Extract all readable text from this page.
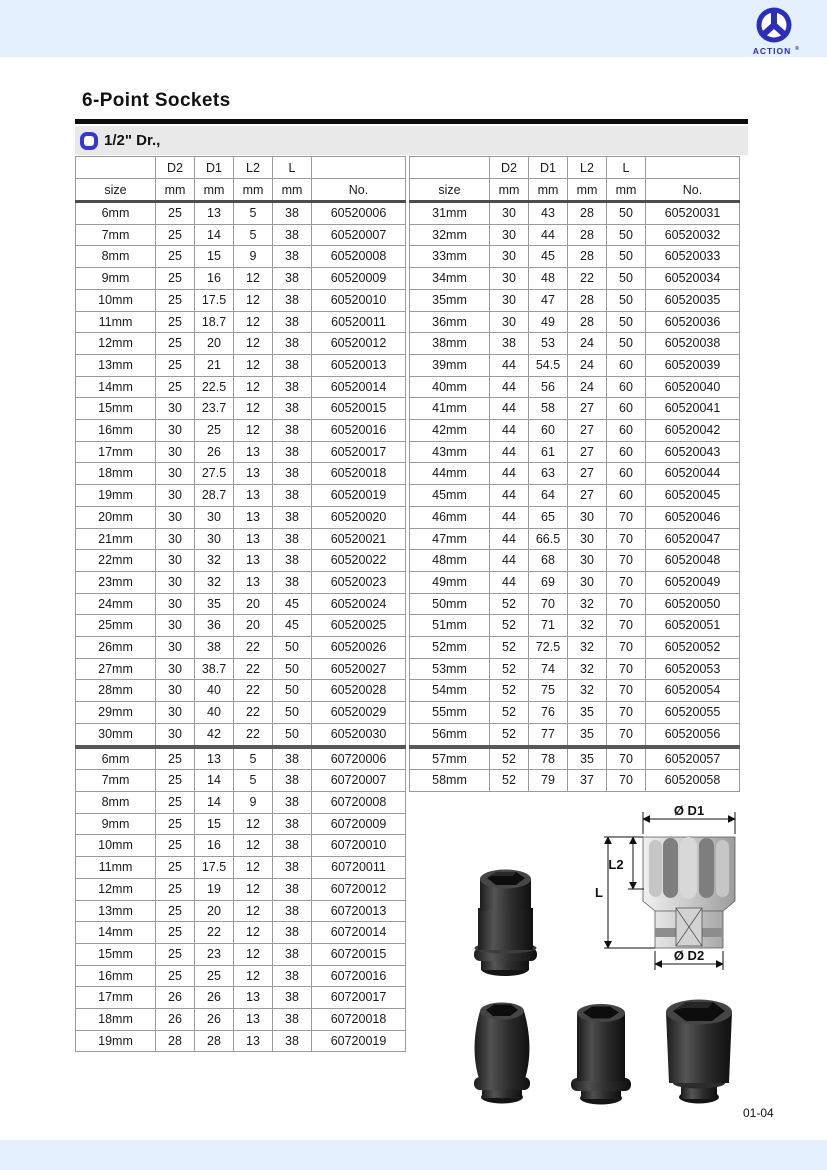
ACTION ®
6-Point Sockets
1/2" Dr.,
	D2	D1	L2	L	
size	mm	mm	mm	mm	No.
6mm	25	13	5	38	60520006
7mm	25	14	5	38	60520007
8mm	25	15	9	38	60520008
9mm	25	16	12	38	60520009
10mm	25	17.5	12	38	60520010
11mm	25	18.7	12	38	60520011
12mm	25	20	12	38	60520012
13mm	25	21	12	38	60520013
14mm	25	22.5	12	38	60520014
15mm	30	23.7	12	38	60520015
16mm	30	25	12	38	60520016
17mm	30	26	13	38	60520017
18mm	30	27.5	13	38	60520018
19mm	30	28.7	13	38	60520019
20mm	30	30	13	38	60520020
21mm	30	30	13	38	60520021
22mm	30	32	13	38	60520022
23mm	30	32	13	38	60520023
24mm	30	35	20	45	60520024
25mm	30	36	20	45	60520025
26mm	30	38	22	50	60520026
27mm	30	38.7	22	50	60520027
28mm	30	40	22	50	60520028
29mm	30	40	22	50	60520029
30mm	30	42	22	50	60520030
6mm	25	13	5	38	60720006
7mm	25	14	5	38	60720007
8mm	25	14	9	38	60720008
9mm	25	15	12	38	60720009
10mm	25	16	12	38	60720010
11mm	25	17.5	12	38	60720011
12mm	25	19	12	38	60720012
13mm	25	20	12	38	60720013
14mm	25	22	12	38	60720014
15mm	25	23	12	38	60720015
16mm	25	25	12	38	60720016
17mm	26	26	13	38	60720017
18mm	26	26	13	38	60720018
19mm	28	28	13	38	60720019
	D2	D1	L2	L	
size	mm	mm	mm	mm	No.
31mm	30	43	28	50	60520031
32mm	30	44	28	50	60520032
33mm	30	45	28	50	60520033
34mm	30	48	22	50	60520034
35mm	30	47	28	50	60520035
36mm	30	49	28	50	60520036
38mm	38	53	24	50	60520038
39mm	44	54.5	24	60	60520039
40mm	44	56	24	60	60520040
41mm	44	58	27	60	60520041
42mm	44	60	27	60	60520042
43mm	44	61	27	60	60520043
44mm	44	63	27	60	60520044
45mm	44	64	27	60	60520045
46mm	44	65	30	70	60520046
47mm	44	66.5	30	70	60520047
48mm	44	68	30	70	60520048
49mm	44	69	30	70	60520049
50mm	52	70	32	70	60520050
51mm	52	71	32	70	60520051
52mm	52	72.5	32	70	60520052
53mm	52	74	32	70	60520053
54mm	52	75	32	70	60520054
55mm	52	76	35	70	60520055
56mm	52	77	35	70	60520056
57mm	52	78	35	70	60520057
58mm	52	79	37	70	60520058
Ø D1
L2
L
Ø D2
01-04
